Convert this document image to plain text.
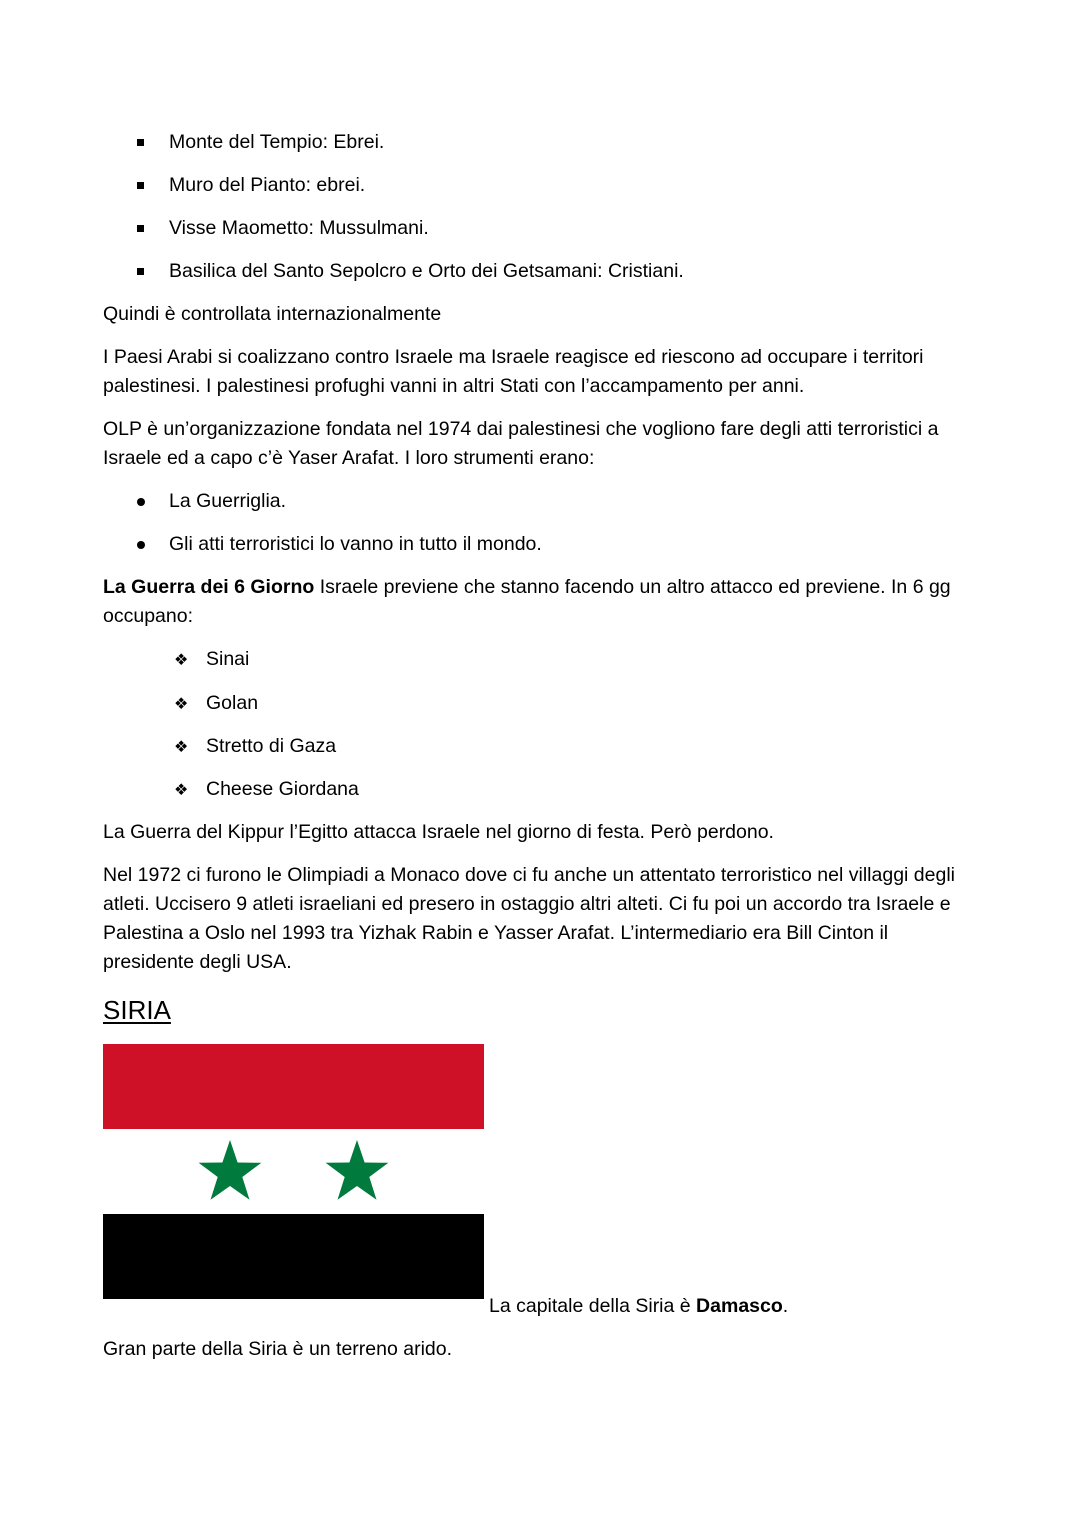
Monte del Tempio: Ebrei.
Muro del Pianto: ebrei.
Visse Maometto: Mussulmani.
Basilica del Santo Sepolcro e Orto dei Getsamani: Cristiani.
Quindi è controllata internazionalmente

I Paesi Arabi si coalizzano contro Israele ma Israele reagisce ed riescono ad occupare i territori palestinesi. I palestinesi profughi vanni in altri Stati con l’accampamento per anni.

OLP è un’organizzazione fondata nel 1974 dai palestinesi che vogliono fare degli atti terroristici a Israele ed a capo c’è Yaser Arafat. I loro strumenti erano:

La Guerriglia.
Gli atti terroristici lo vanno in tutto il mondo.

La Guerra dei 6 Giorno Israele previene che stanno facendo un altro attacco ed previene. In 6 gg occupano:

❖ Sinai
❖ Golan
❖ Stretto di Gaza
❖ Cheese Giordana
La Guerra del Kippur l’Egitto attacca Israele nel giorno di festa. Però perdono.

Nel 1972 ci furono le Olimpiadi a Monaco dove ci fu anche un attentato terroristico nel villaggi degli atleti. Uccisero 9 atleti israeliani ed presero in ostaggio altri alteti. Ci fu poi un accordo tra Israele e Palestina a Oslo nel 1993 tra Yizhak Rabin e Yasser Arafat. L’intermediario era Bill Cinton il presidente degli USA.

SIRIA
La capitale della Siria è Damasco.
Gran parte della Siria è un terreno arido.
